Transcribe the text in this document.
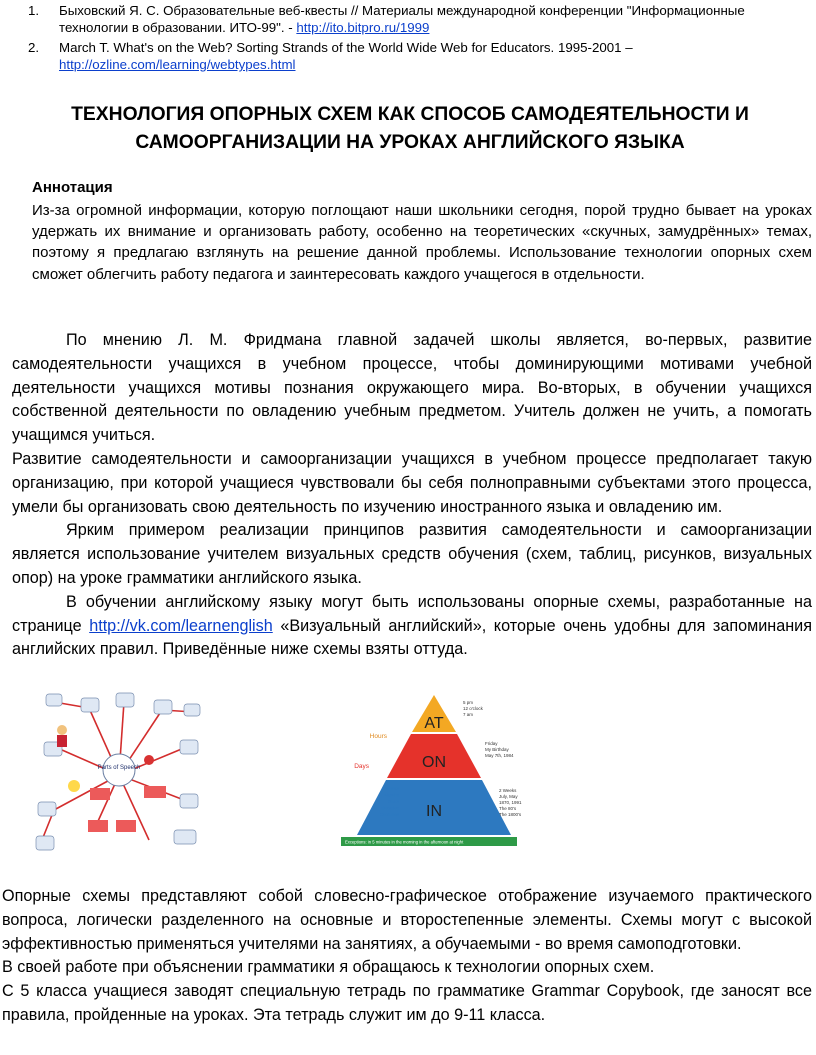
1.	Быховский Я. С. Образовательные веб-квесты // Материалы международной конференции "Информационные технологии в образовании. ИТО-99". - http://ito.bitpro.ru/1999
2.	March T. What's on the Web? Sorting Strands of the World Wide Web for Educators. 1995-2001 – http://ozline.com/learning/webtypes.html
ТЕХНОЛОГИЯ ОПОРНЫХ СХЕМ КАК СПОСОБ САМОДЕЯТЕЛЬНОСТИ И САМООРГАНИЗАЦИИ НА УРОКАХ АНГЛИЙСКОГО ЯЗЫКА
Аннотация
Из-за огромной информации, которую поглощают наши школьники сегодня, порой трудно бывает на уроках удержать их внимание и организовать работу, особенно на теоретических «скучных, замудрённых» темах, поэтому я предлагаю взглянуть на решение данной проблемы. Использование технологии опорных схем сможет облегчить работу педагога и заинтересовать каждого учащегося в отдельности.

По мнению Л. М. Фридмана главной задачей школы является, во-первых, развитие самодеятельности учащихся в учебном процессе, чтобы доминирующими мотивами учебной деятельности учащихся мотивы познания окружающего мира. Во-вторых, в обучении учащихся собственной деятельности по овладению учебным предметом. Учитель должен не учить, а помогать учащимся учиться.

Развитие самодеятельности и самоорганизации учащихся в учебном процессе предполагает такую организацию, при которой учащиеся чувствовали бы себя полноправными субъектами этого процесса, умели бы организовать свою деятельность по изучению иностранного языка и овладению им.

Ярким примером реализации принципов развития самодеятельности и самоорганизации является использование учителем визуальных средств обучения (схем, таблиц, рисунков, визуальных опор) на уроке грамматики английского языка.

В обучении английскому языку могут быть использованы опорные схемы, разработанные на странице http://vk.com/learnenglish «Визуальный английский», которые очень удобны для запоминания английских правил. Приведённые ниже схемы взяты оттуда.

Parts of Speech
AT
ON
IN
Hours
Days
5 pm
12 o'clock
7 am
Friday
My Birthday
May 7th, 1984
2 Weeks
July, May
1870, 1991
The 80's
The 1800's
Weeks
Months
Years
Decades
Centuries
Exceptions: in 5 minutes in the morning in the afternoon at night

Опорные схемы представляют собой словесно-графическое отображение изучаемого практического вопроса, логически разделенного на основные и второстепенные элементы. Схемы могут с высокой эффективностью применяться учителями на занятиях, а обучаемыми - во время самоподготовки.

В своей работе при объяснении грамматики я обращаюсь к технологии опорных схем.

С 5 класса учащиеся заводят специальную тетрадь по грамматике Grammar Copybook, где заносят все правила, пройденные на уроках. Эта тетрадь служит им до 9-11 класса.
